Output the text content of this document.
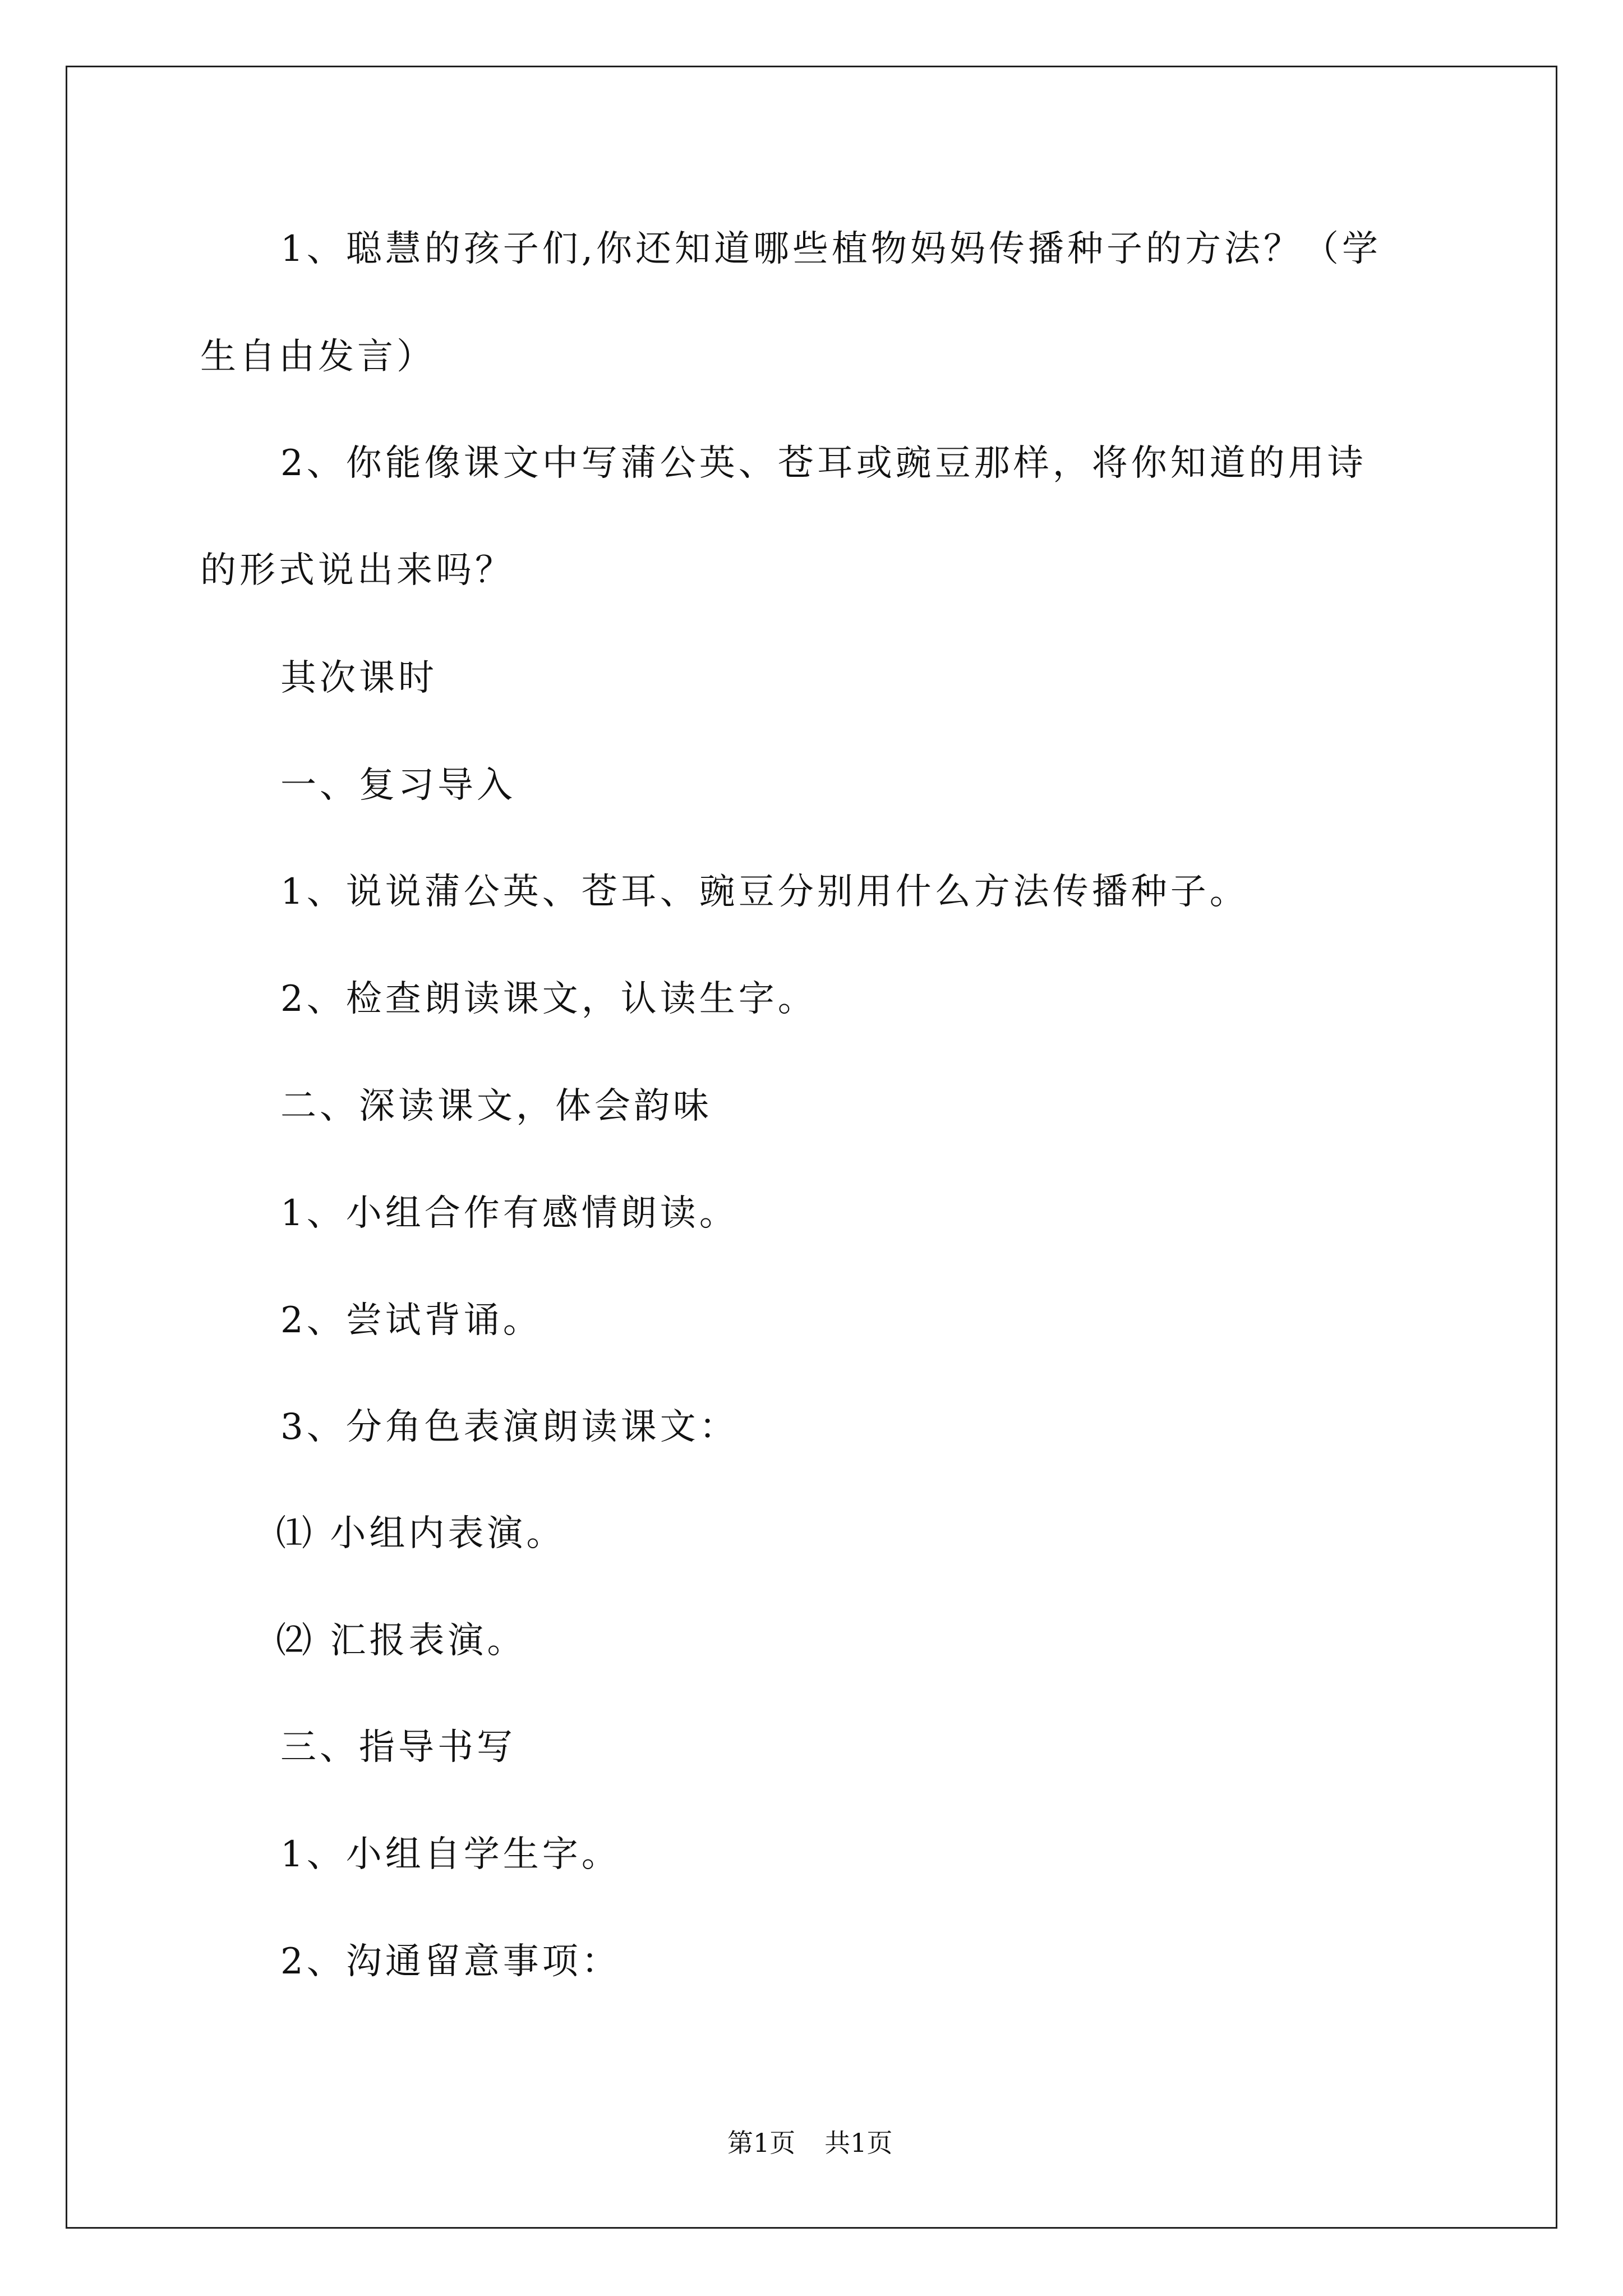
1、聪慧的孩子们,你还知道哪些植物妈妈传播种子的方法？（学
生自由发言）
2、你能像课文中写蒲公英、苍耳或豌豆那样，将你知道的用诗
的形式说出来吗？
其次课时
一、复习导入
1、说说蒲公英、苍耳、豌豆分别用什么方法传播种子。
2、检查朗读课文，认读生字。
二、深读课文，体会韵味
1、小组合作有感情朗读。
2、尝试背诵。
3、分角色表演朗读课文：
⑴ 小组内表演。
⑵ 汇报表演。
三、指导书写
1、小组自学生字。
2、沟通留意事项：
第1页 共1页
